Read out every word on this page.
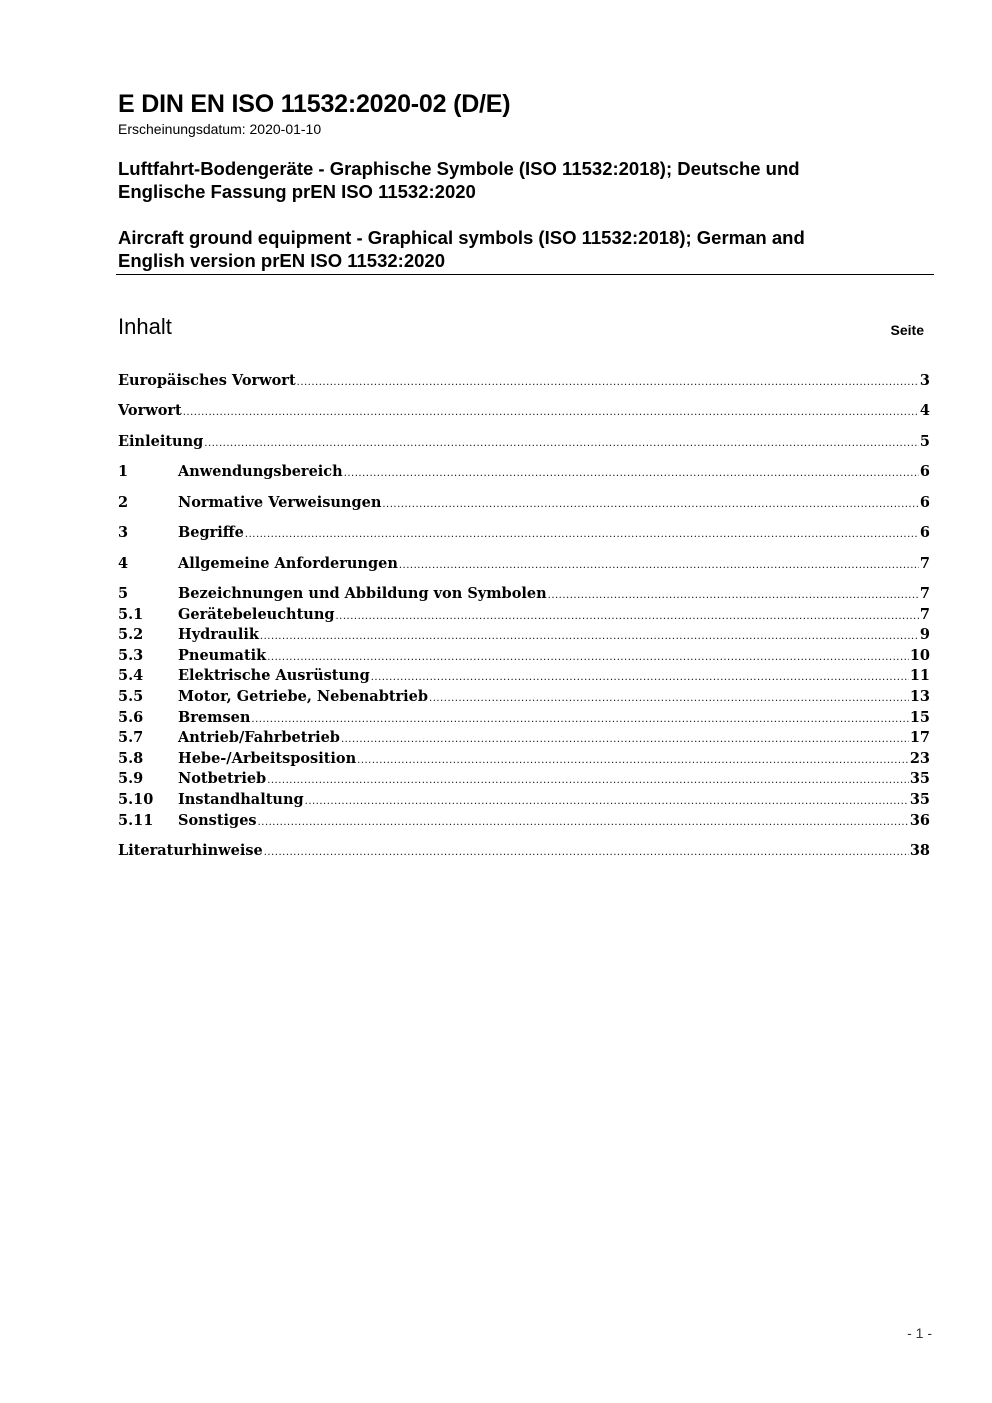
E DIN EN ISO 11532:2020-02 (D/E)
Erscheinungsdatum: 2020-01-10
Luftfahrt-Bodengeräte - Graphische Symbole (ISO 11532:2018); Deutsche und
Englische Fassung prEN ISO 11532:2020
Aircraft ground equipment - Graphical symbols (ISO 11532:2018); German and
English version prEN ISO 11532:2020
Inhalt	Seite
Europäisches Vorwort .....	3
Vorwort .....	4
Einleitung .....	5
1	Anwendungsbereich .....	6
2	Normative Verweisungen .....	6
3	Begriffe .....	6
4	Allgemeine Anforderungen .....	7
5	Bezeichnungen und Abbildung von Symbolen .....	7
5.1	Gerätebeleuchtung .....	7
5.2	Hydraulik .....	9
5.3	Pneumatik .....	10
5.4	Elektrische Ausrüstung .....	11
5.5	Motor, Getriebe, Nebenabtrieb .....	13
5.6	Bremsen .....	15
5.7	Antrieb/Fahrbetrieb .....	17
5.8	Hebe-/Arbeitsposition .....	23
5.9	Notbetrieb .....	35
5.10	Instandhaltung .....	35
5.11	Sonstiges .....	36
Literaturhinweise .....	38
- 1 -
